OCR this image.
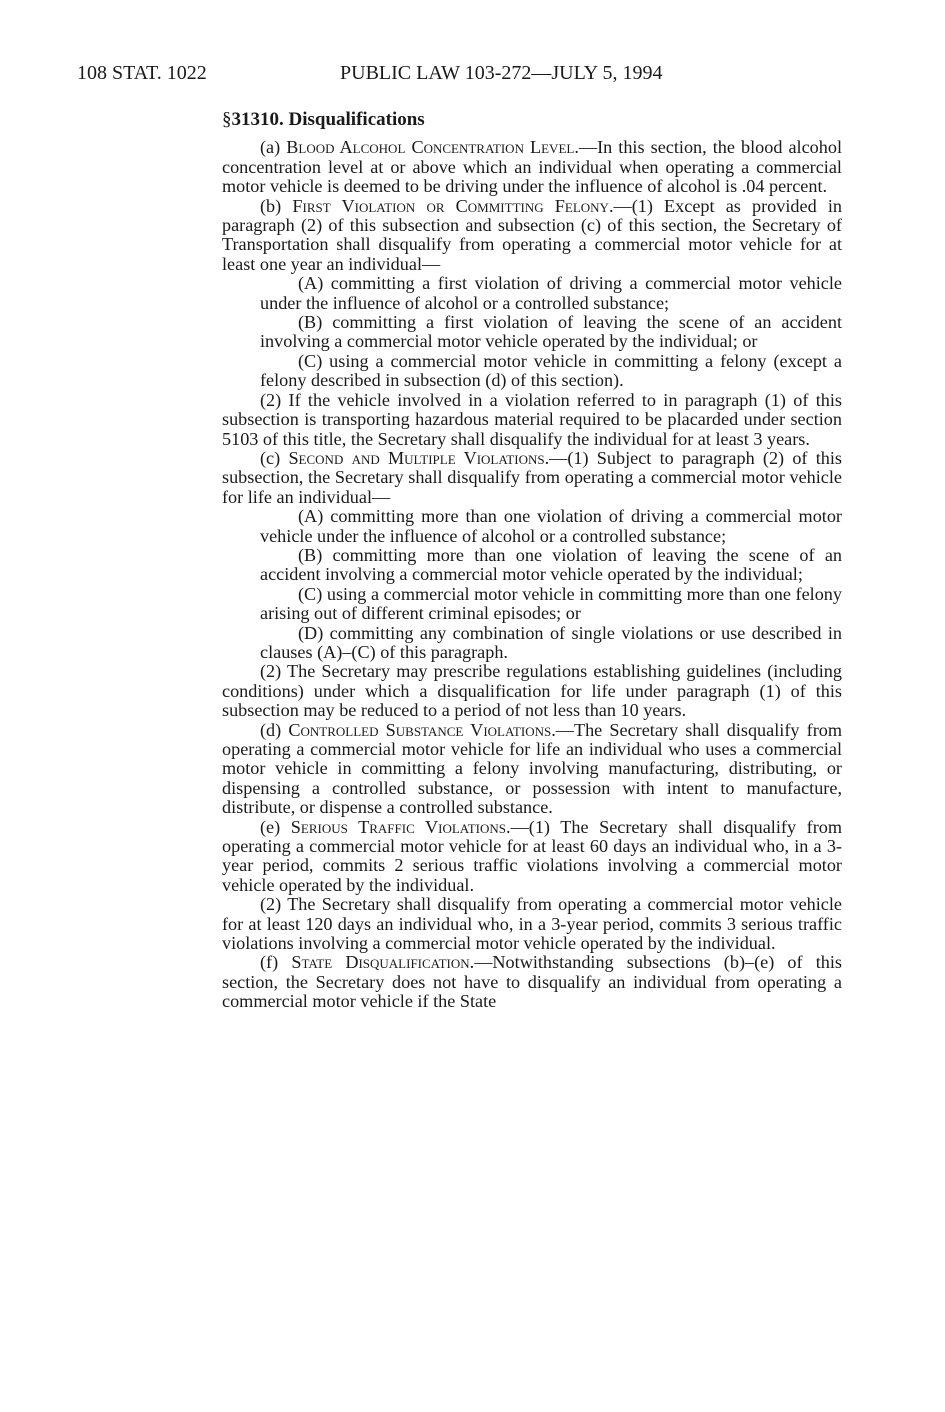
108 STAT. 1022	PUBLIC LAW 103-272—JULY 5, 1994
§31310. Disqualifications

(a) Blood Alcohol Concentration Level.—In this section, the blood alcohol concentration level at or above which an individual when operating a commercial motor vehicle is deemed to be driving under the influence of alcohol is .04 percent.

(b) First Violation or Committing Felony.—(1) Except as provided in paragraph (2) of this subsection and subsection (c) of this section, the Secretary of Transportation shall disqualify from operating a commercial motor vehicle for at least one year an individual—

(A) committing a first violation of driving a commercial motor vehicle under the influence of alcohol or a controlled substance;

(B) committing a first violation of leaving the scene of an accident involving a commercial motor vehicle operated by the individual; or

(C) using a commercial motor vehicle in committing a felony (except a felony described in subsection (d) of this section).

(2) If the vehicle involved in a violation referred to in paragraph (1) of this subsection is transporting hazardous material required to be placarded under section 5103 of this title, the Secretary shall disqualify the individual for at least 3 years.

(c) Second and Multiple Violations.—(1) Subject to paragraph (2) of this subsection, the Secretary shall disqualify from operating a commercial motor vehicle for life an individual—

(A) committing more than one violation of driving a commercial motor vehicle under the influence of alcohol or a controlled substance;

(B) committing more than one violation of leaving the scene of an accident involving a commercial motor vehicle operated by the individual;

(C) using a commercial motor vehicle in committing more than one felony arising out of different criminal episodes; or

(D) committing any combination of single violations or use described in clauses (A)–(C) of this paragraph.

(2) The Secretary may prescribe regulations establishing guidelines (including conditions) under which a disqualification for life under paragraph (1) of this subsection may be reduced to a period of not less than 10 years.

(d) Controlled Substance Violations.—The Secretary shall disqualify from operating a commercial motor vehicle for life an individual who uses a commercial motor vehicle in committing a felony involving manufacturing, distributing, or dispensing a controlled substance, or possession with intent to manufacture, distribute, or dispense a controlled substance.

(e) Serious Traffic Violations.—(1) The Secretary shall disqualify from operating a commercial motor vehicle for at least 60 days an individual who, in a 3-year period, commits 2 serious traffic violations involving a commercial motor vehicle operated by the individual.

(2) The Secretary shall disqualify from operating a commercial motor vehicle for at least 120 days an individual who, in a 3-year period, commits 3 serious traffic violations involving a commercial motor vehicle operated by the individual.

(f) State Disqualification.—Notwithstanding subsections (b)–(e) of this section, the Secretary does not have to disqualify an individual from operating a commercial motor vehicle if the State
